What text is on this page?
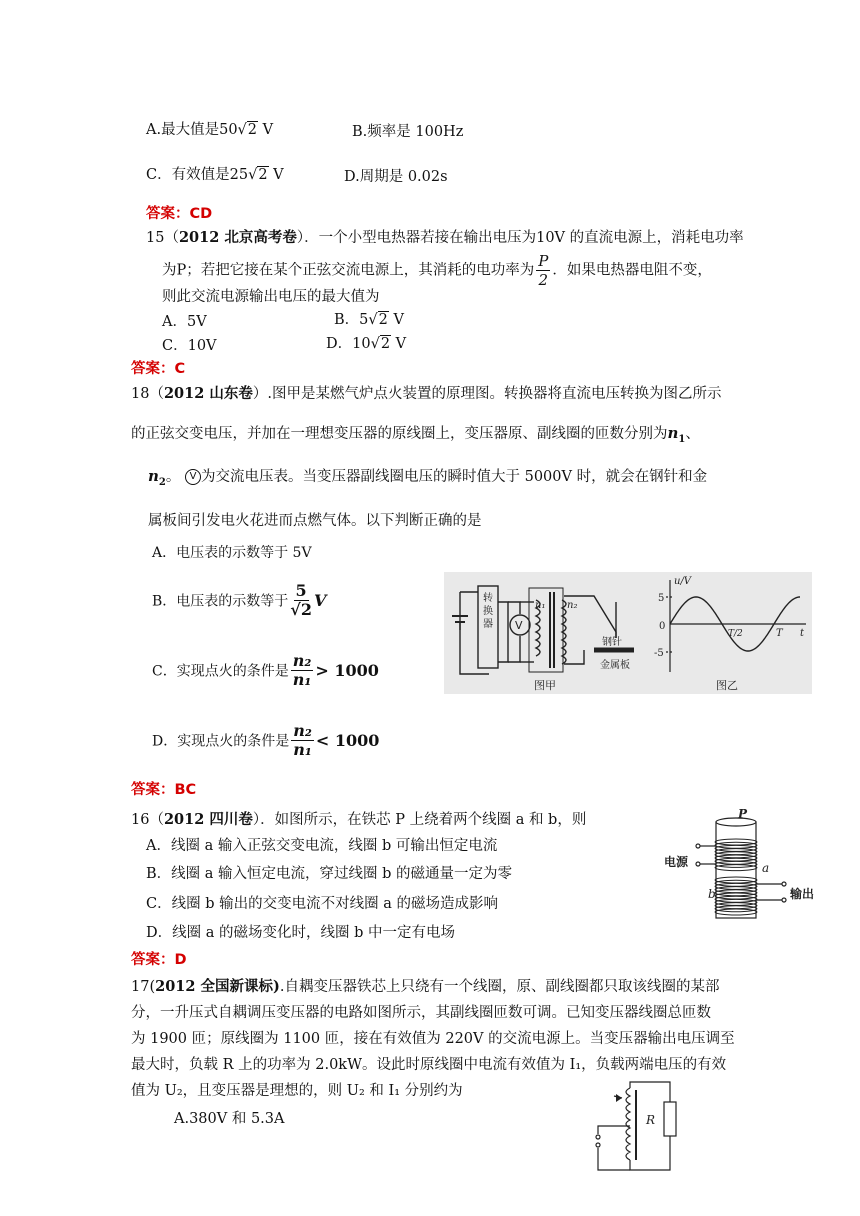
A.最大值是50√2 V	B.频率是 100Hz
C．有效值是25√2 V	D.周期是 0.02s
答案：CD
15（2012 北京高考卷）．一个小型电热器若接在输出电压为10V 的直流电源上，消耗电功率
为P；若把它接在某个正弦交流电源上，其消耗的电功率为 $\frac{P}{2}$ ．如果电热器电阻不变，
则此交流电源输出电压的最大值为
A．5V	B．5√2 V
C．10V	D．10√2 V
答案：C
18（2012 山东卷）.图甲是某燃气炉点火装置的原理图。转换器将直流电压转换为图乙所示
的正弦交变电压，并加在一理想变压器的原线圈上，变压器原、副线圈的匝数分别为$n_1$、
$n_2$。 V 为交流电压表。当变压器副线圈电压的瞬时值大于 5000V 时，就会在钢针和金
属板间引发电火花进而点燃气体。以下判断正确的是
A．电压表的示数等于 5V
B．电压表的示数等于 $\frac{5}{√2}$ V
C．实现点火的条件是 $\frac{\text{n₂}}{\text{n₁}} > 1000$
D．实现点火的条件是 $\frac{\text{n₂}}{\text{n₁}} < 1000$
答案：BC
V
n₁ n₂
钢针
金属板
图甲	图乙
u/V
5
-5
0
T/2	T t
转换器
16（2012 四川卷）．如图所示，在铁芯 P 上绕着两个线圈 a 和 b，则
A．线圈 a 输入正弦交变电流，线圈 b 可输出恒定电流
B．线圈 a 输入恒定电流，穿过线圈 b 的磁通量一定为零
C．线圈 b 输出的交变电流不对线圈 a 的磁场造成影响
D．线圈 a 的磁场变化时，线圈 b 中一定有电场
答案：D
P
电源	a
b	输出
17(2012 全国新课标).自耦变压器铁芯上只绕有一个线圈，原、副线圈都只取该线圈的某部
分，一升压式自耦调压变压器的电路如图所示，其副线圈匝数可调。已知变压器线圈总匝数
为 1900 匝；原线圈为 1100 匝，接在有效值为 220V 的交流电源上。当变压器输出电压调至
最大时，负载 R 上的功率为 2.0kW。设此时原线圈中电流有效值为 I₁，负载两端电压的有效
值为 U₂，且变压器是理想的，则 U₂ 和 I₁ 分别约为
A.380V 和 5.3A	R
